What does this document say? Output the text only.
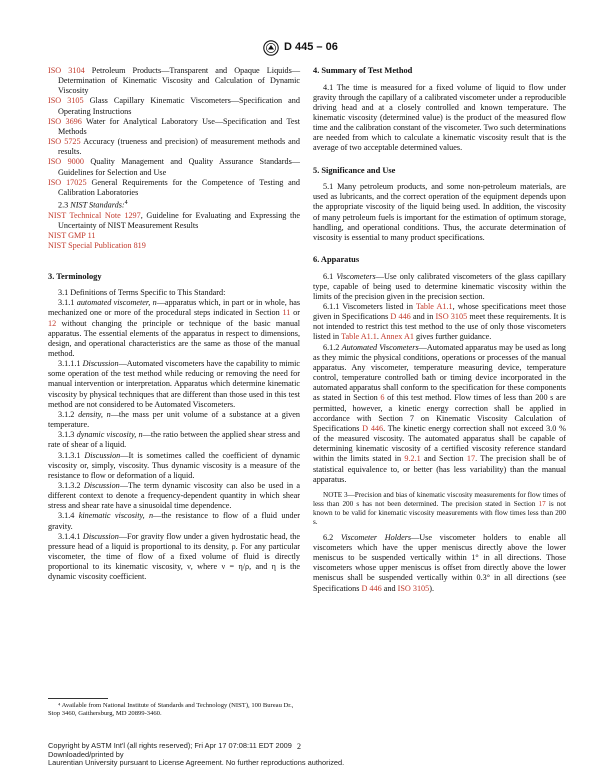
D 445 – 06

ISO 3104 Petroleum Products—Transparent and Opaque Liquids—Determination of Kinematic Viscosity and Calculation of Dynamic Viscosity

ISO 3105 Glass Capillary Kinematic Viscometers—Specification and Operating Instructions

ISO 3696 Water for Analytical Laboratory Use—Specification and Test Methods

ISO 5725 Accuracy (trueness and precision) of measurement methods and results.

ISO 9000 Quality Management and Quality Assurance Standards—Guidelines for Selection and Use

ISO 17025 General Requirements for the Competence of Testing and Calibration Laboratories

2.3 NIST Standards:$^4$

NIST Technical Note 1297, Guideline for Evaluating and Expressing the Uncertainty of NIST Measurement Results

NIST GMP 11

NIST Special Publication 819

3. Terminology

3.1 Definitions of Terms Specific to This Standard:

3.1.1 automated viscometer, n—apparatus which, in part or in whole, has mechanized one or more of the procedural steps indicated in Section 11 or 12 without changing the principle or technique of the basic manual apparatus. The essential elements of the apparatus in respect to dimensions, design, and operational characteristics are the same as those of the manual method.

3.1.1.1 Discussion—Automated viscometers have the capability to mimic some operation of the test method while reducing or removing the need for manual intervention or interpretation. Apparatus which determine kinematic viscosity by physical techniques that are different than those used in this test method are not considered to be Automated Viscometers.

3.1.2 density, n—the mass per unit volume of a substance at a given temperature.

3.1.3 dynamic viscosity, n—the ratio between the applied shear stress and rate of shear of a liquid.

3.1.3.1 Discussion—It is sometimes called the coefficient of dynamic viscosity or, simply, viscosity. Thus dynamic viscosity is a measure of the resistance to flow or deformation of a liquid.

3.1.3.2 Discussion—The term dynamic viscosity can also be used in a different context to denote a frequency-dependent quantity in which shear stress and shear rate have a sinusoidal time dependence.

3.1.4 kinematic viscosity, n—the resistance to flow of a fluid under gravity.

3.1.4.1 Discussion—For gravity flow under a given hydrostatic head, the pressure head of a liquid is proportional to its density, ρ. For any particular viscometer, the time of flow of a fixed volume of fluid is directly proportional to its kinematic viscosity, ν, where ν = η/ρ, and η is the dynamic viscosity coefficient.

⁴ Available from National Institute of Standards and Technology (NIST), 100 Bureau Dr., Stop 3460, Gaithersburg, MD 20899-3460.

4. Summary of Test Method

4.1 The time is measured for a fixed volume of liquid to flow under gravity through the capillary of a calibrated viscometer under a reproducible driving head and at a closely controlled and known temperature. The kinematic viscosity (determined value) is the product of the measured flow time and the calibration constant of the viscometer. Two such determinations are needed from which to calculate a kinematic viscosity result that is the average of two acceptable determined values.

5. Significance and Use

5.1 Many petroleum products, and some non-petroleum materials, are used as lubricants, and the correct operation of the equipment depends upon the appropriate viscosity of the liquid being used. In addition, the viscosity of many petroleum fuels is important for the estimation of optimum storage, handling, and operational conditions. Thus, the accurate determination of viscosity is essential to many product specifications.

6. Apparatus

6.1 Viscometers—Use only calibrated viscometers of the glass capillary type, capable of being used to determine kinematic viscosity within the limits of the precision given in the precision section.

6.1.1 Viscometers listed in Table A1.1, whose specifications meet those given in Specifications D 446 and in ISO 3105 meet these requirements. It is not intended to restrict this test method to the use of only those viscometers listed in Table A1.1. Annex A1 gives further guidance.

6.1.2 Automated Viscometers—Automated apparatus may be used as long as they mimic the physical conditions, operations or processes of the manual apparatus. Any viscometer, temperature measuring device, temperature control, temperature controlled bath or timing device incorporated in the automated apparatus shall conform to the specification for these components as stated in Section 6 of this test method. Flow times of less than 200 s are permitted, however, a kinetic energy correction shall be applied in accordance with Section 7 on Kinematic Viscosity Calculation of Specifications D 446. The kinetic energy correction shall not exceed 3.0 % of the measured viscosity. The automated apparatus shall be capable of determining kinematic viscosity of a certified viscosity reference standard within the limits stated in 9.2.1 and Section 17. The precision shall be of statistical equivalence to, or better (has less variability) than the manual apparatus.

NOTE 3—Precision and bias of kinematic viscosity measurements for flow times of less than 200 s has not been determined. The precision stated in Section 17 is not known to be valid for kinematic viscosity measurements with flow times less than 200 s.

6.2 Viscometer Holders—Use viscometer holders to enable all viscometers which have the upper meniscus directly above the lower meniscus to be suspended vertically within 1° in all directions. Those viscometers whose upper meniscus is offset from directly above the lower meniscus shall be suspended vertically within 0.3° in all directions (see Specifications D 446 and ISO 3105).

2
Copyright by ASTM Int'l (all rights reserved); Fri Apr 17 07:08:11 EDT 2009
Downloaded/printed by
Laurentian University pursuant to License Agreement. No further reproductions authorized.
